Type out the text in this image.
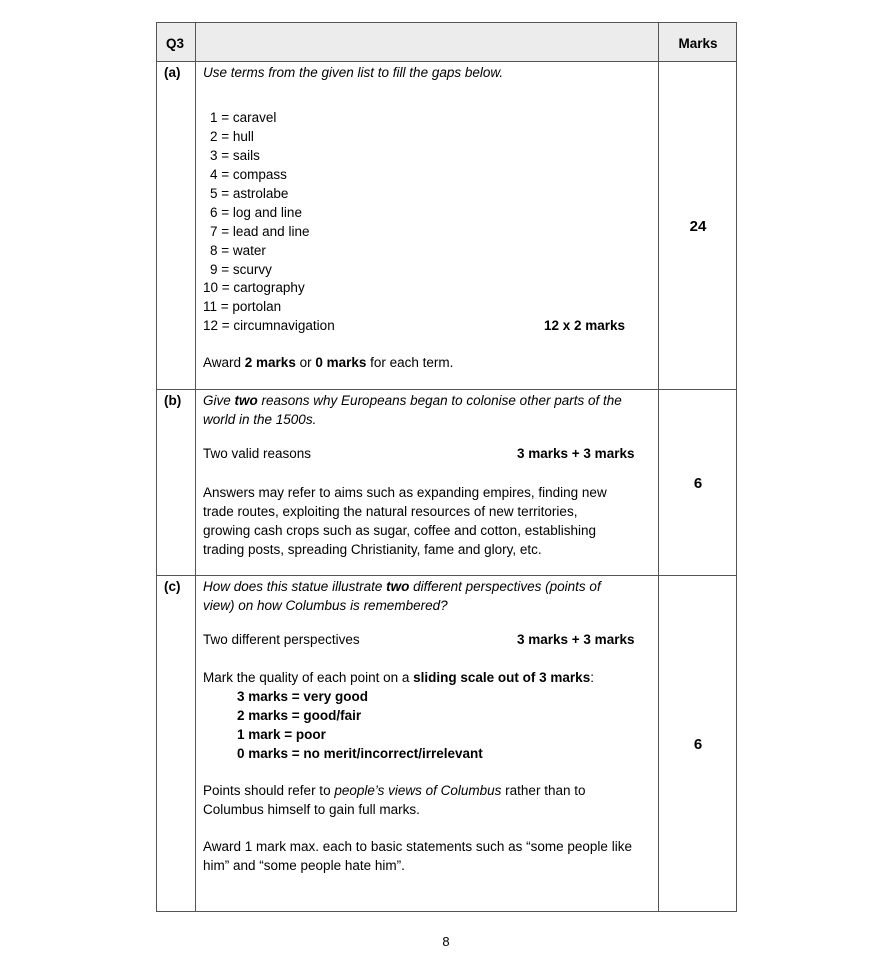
Q3	Marks
(a) Use terms from the given list to fill the gaps below.
1 = caravel
2 = hull
3 = sails
4 = compass
5 = astrolabe
6 = log and line
7 = lead and line
8 = water
9 = scurvy
10 = cartography
11 = portolan
12 = circumnavigation	12 x 2 marks
Award 2 marks or 0 marks for each term.
24
(b) Give two reasons why Europeans began to colonise other parts of the
world in the 1500s.
Two valid reasons	3 marks + 3 marks
Answers may refer to aims such as expanding empires, finding new
trade routes, exploiting the natural resources of new territories,
growing cash crops such as sugar, coffee and cotton, establishing
trading posts, spreading Christianity, fame and glory, etc.
6
(c) How does this statue illustrate two different perspectives (points of
view) on how Columbus is remembered?
Two different perspectives	3 marks + 3 marks
Mark the quality of each point on a sliding scale out of 3 marks:
3 marks = very good
2 marks = good/fair
1 mark = poor
0 marks = no merit/incorrect/irrelevant
Points should refer to people’s views of Columbus rather than to
Columbus himself to gain full marks.
Award 1 mark max. each to basic statements such as “some people like
him” and “some people hate him”.
6
8
